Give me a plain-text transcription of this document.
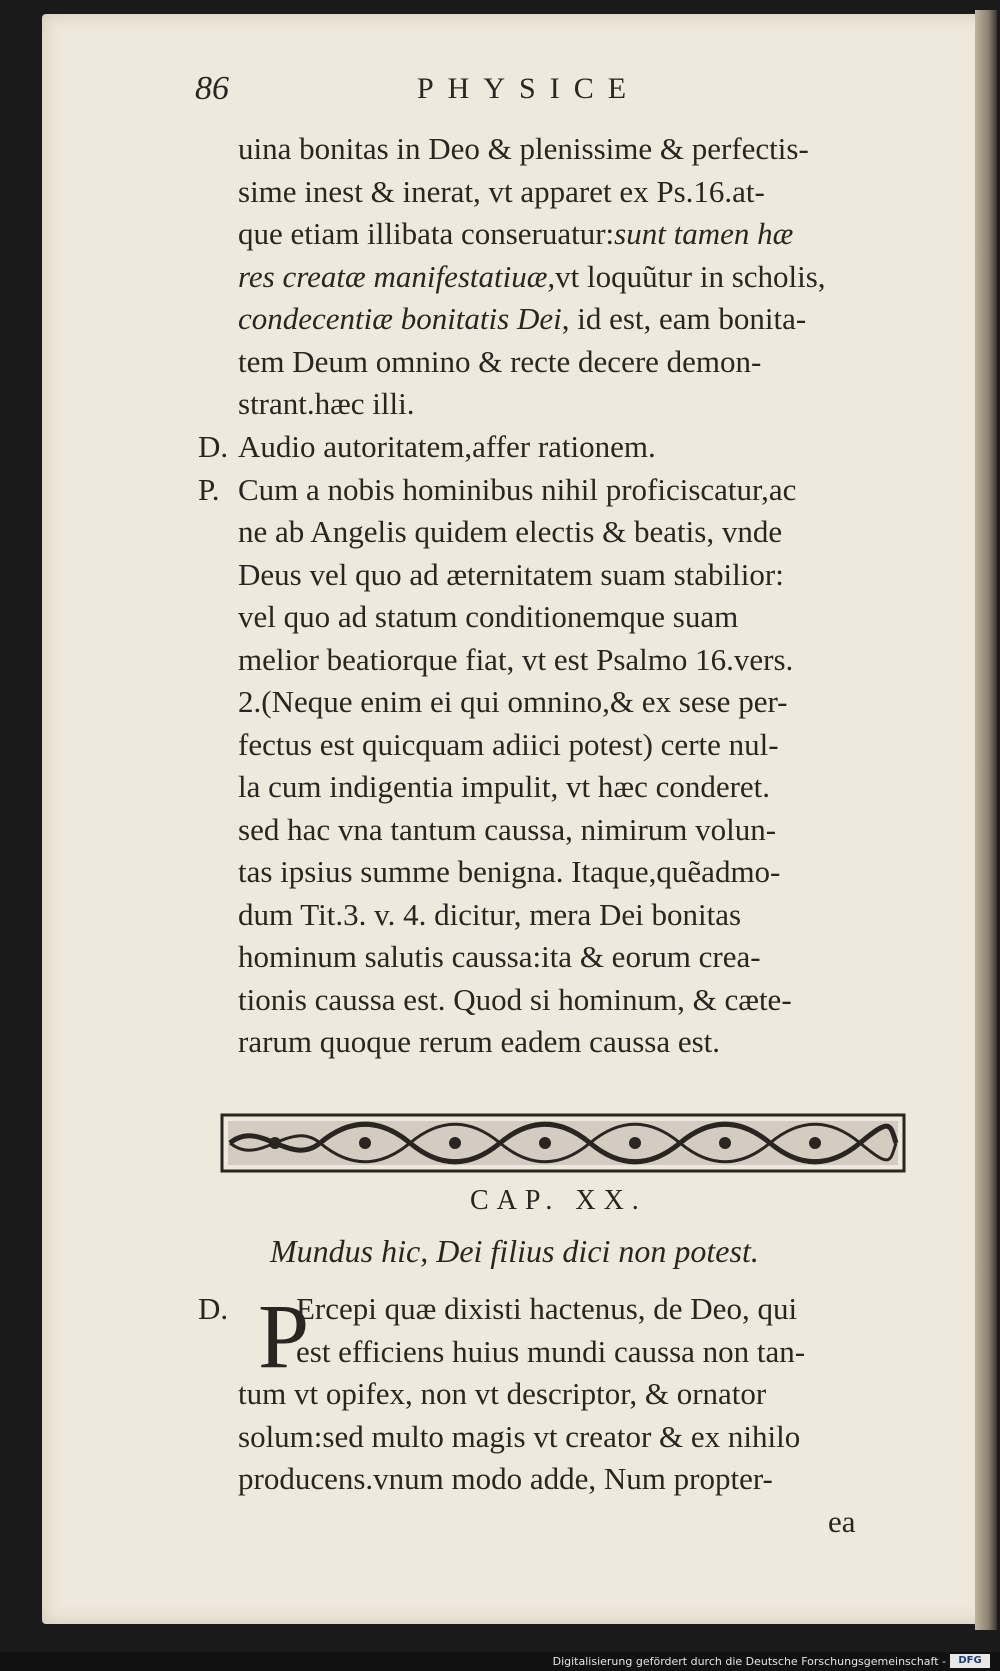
86	PHYSICE
uina bonitas in Deo & plenissime & perfectis-
sime inest & inerat, vt apparet ex Ps.16.at-
que etiam illibata conseruatur:sunt tamen hæ
res creatæ manifestatiuæ,vt loquũtur in scholis,
condecentiæ bonitatis Dei, id est, eam bonita-
tem Deum omnino & recte decere demon-
strant.hæc illi.
D. Audio autoritatem,affer rationem.
P. Cum a nobis hominibus nihil proficiscatur,ac
ne ab Angelis quidem electis & beatis, vnde
Deus vel quo ad æternitatem suam stabilior:
vel quo ad statum conditionemque suam
melior beatiorque fiat, vt est Psalmo 16.vers.
2.(Neque enim ei qui omnino,& ex sese per-
fectus est quicquam adiici potest) certe nul-
la cum indigentia impulit, vt hæc conderet.
sed hac vna tantum caussa, nimirum volun-
tas ipsius summe benigna. Itaque,quẽadmo-
dum Tit.3. v. 4. dicitur, mera Dei bonitas
hominum salutis caussa:ita & eorum crea-
tionis caussa est. Quod si hominum, & cæte-
rarum quoque rerum eadem caussa est.
CAP. XX.
Mundus hic, Dei filius dici non potest.
D. Ercepi quæ dixisti hactenus, de Deo, qui
est efficiens huius mundi caussa non tan-
tum vt opifex, non vt descriptor, & ornator
solum:sed multo magis vt creator & ex nihilo
producens.vnum modo adde, Num propter-
ea
P
Digitalisierung gefördert durch die Deutsche Forschungsgemeinschaft -	DFG
